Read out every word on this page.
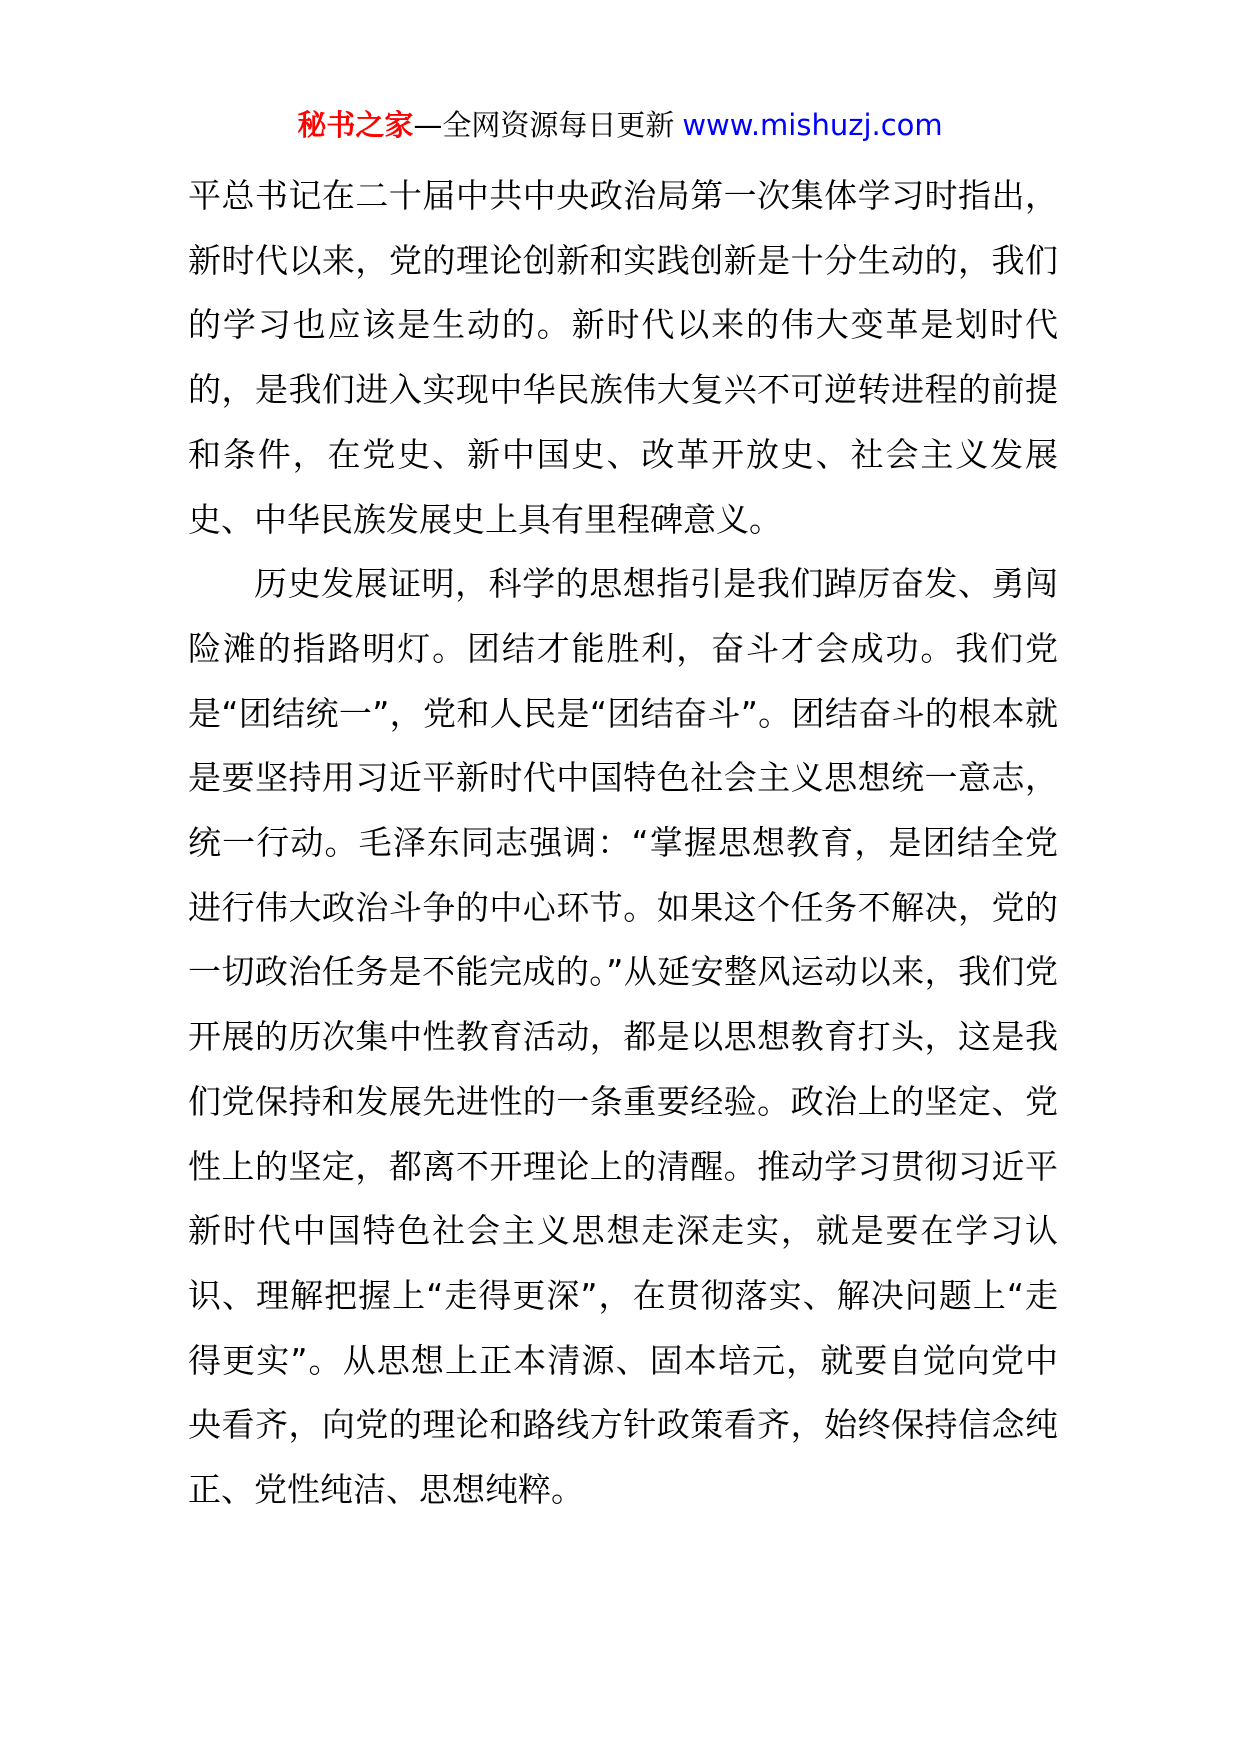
秘书之家—全网资源每日更新 www.mishuzj.com

平总书记在二十届中共中央政治局第一次集体学习时指出，新时代以来，党的理论创新和实践创新是十分生动的，我们的学习也应该是生动的。新时代以来的伟大变革是划时代的，是我们进入实现中华民族伟大复兴不可逆转进程的前提和条件，在党史、新中国史、改革开放史、社会主义发展史、中华民族发展史上具有里程碑意义。

历史发展证明，科学的思想指引是我们踔厉奋发、勇闯险滩的指路明灯。团结才能胜利，奋斗才会成功。我们党是“团结统一”，党和人民是“团结奋斗”。团结奋斗的根本就是要坚持用习近平新时代中国特色社会主义思想统一意志，统一行动。毛泽东同志强调：“掌握思想教育，是团结全党进行伟大政治斗争的中心环节。如果这个任务不解决，党的一切政治任务是不能完成的。”从延安整风运动以来，我们党开展的历次集中性教育活动，都是以思想教育打头，这是我们党保持和发展先进性的一条重要经验。政治上的坚定、党性上的坚定，都离不开理论上的清醒。推动学习贯彻习近平新时代中国特色社会主义思想走深走实，就是要在学习认识、理解把握上“走得更深”，在贯彻落实、解决问题上“走得更实”。从思想上正本清源、固本培元，就要自觉向党中央看齐，向党的理论和路线方针政策看齐，始终保持信念纯正、党性纯洁、思想纯粹。
